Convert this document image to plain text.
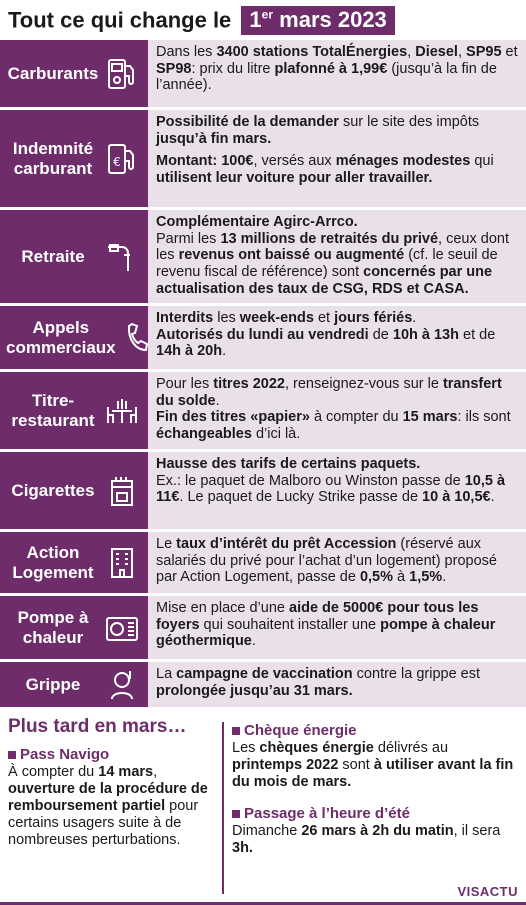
Tout ce qui change le 1er mars 2023
Carburants

Dans les 3400 stations TotalÉnergies, Diesel, SP95 et SP98: prix du litre plafonné à 1,99€ (jusqu’à la fin de l’année).

Indemnité carburant	€

Possibilité de la demander sur le site des impôts jusqu’à fin mars.

Montant: 100€, versés aux ménages modestes qui utilisent leur voiture pour aller travailler.

Retraite

Complémentaire Agirc-Arrco.

Parmi les 13 millions de retraités du privé, ceux dont les revenus ont baissé ou augmenté (cf. le seuil de revenu fiscal de référence) sont concernés par une actualisation des taux de CSG, RDS et CASA.

Appels commerciaux

Interdits les week-ends et jours fériés.

Autorisés du lundi au vendredi de 10h à 13h et de 14h à 20h.

Titre-restaurant

Pour les titres 2022, renseignez-vous sur le transfert du solde.

Fin des titres «papier» à compter du 15 mars: ils sont échangeables d’ici là.

Cigarettes

Hausse des tarifs de certains paquets.

Ex.: le paquet de Malboro ou Winston passe de 10,5 à 11€. Le paquet de Lucky Strike passe de 10 à 10,5€.

Action Logement

Le taux d’intérêt du prêt Accession (réservé aux salariés du privé pour l’achat d’un logement) proposé par Action Logement, passe de 0,5% à 1,5%.

Pompe à chaleur

Mise en place d’une aide de 5000€ pour tous les foyers qui souhaitent installer une pompe à chaleur géothermique.

Grippe

La campagne de vaccination contre la grippe est prolongée jusqu’au 31 mars.

Plus tard en mars…
Pass Navigo
À compter du 14 mars, ouverture de la procédure de remboursement partiel pour certains usagers suite à de nombreuses perturbations.
Chèque énergie
Les chèques énergie délivrés au printemps 2022 sont à utiliser avant la fin du mois de mars.
Passage à l’heure d’été
Dimanche 26 mars à 2h du matin, il sera 3h.
VISACTU
